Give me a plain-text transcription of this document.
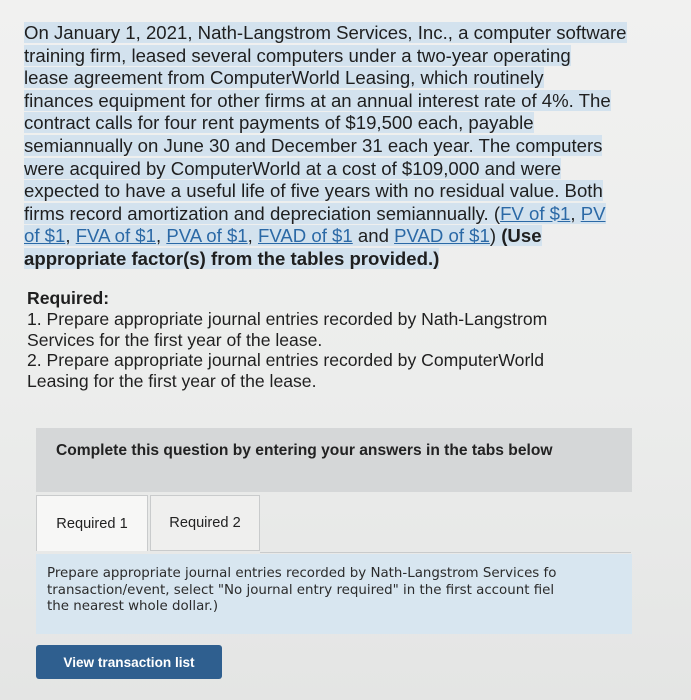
On January 1, 2021, Nath-Langstrom Services, Inc., a computer software
training firm, leased several computers under a two-year operating
lease agreement from ComputerWorld Leasing, which routinely
finances equipment for other firms at an annual interest rate of 4%. The
contract calls for four rent payments of $19,500 each, payable
semiannually on June 30 and December 31 each year. The computers
were acquired by ComputerWorld at a cost of $109,000 and were
expected to have a useful life of five years with no residual value. Both
firms record amortization and depreciation semiannually. (FV of $1, PV
of $1, FVA of $1, PVA of $1, FVAD of $1 and PVAD of $1) (Use
appropriate factor(s) from the tables provided.)
Required:
1. Prepare appropriate journal entries recorded by Nath-Langstrom
Services for the first year of the lease.
2. Prepare appropriate journal entries recorded by ComputerWorld
Leasing for the first year of the lease.
Complete this question by entering your answers in the tabs below
Required 1	Required 2
Prepare appropriate journal entries recorded by Nath-Langstrom Services fo
transaction/event, select "No journal entry required" in the first account fiel
the nearest whole dollar.)
View transaction list
